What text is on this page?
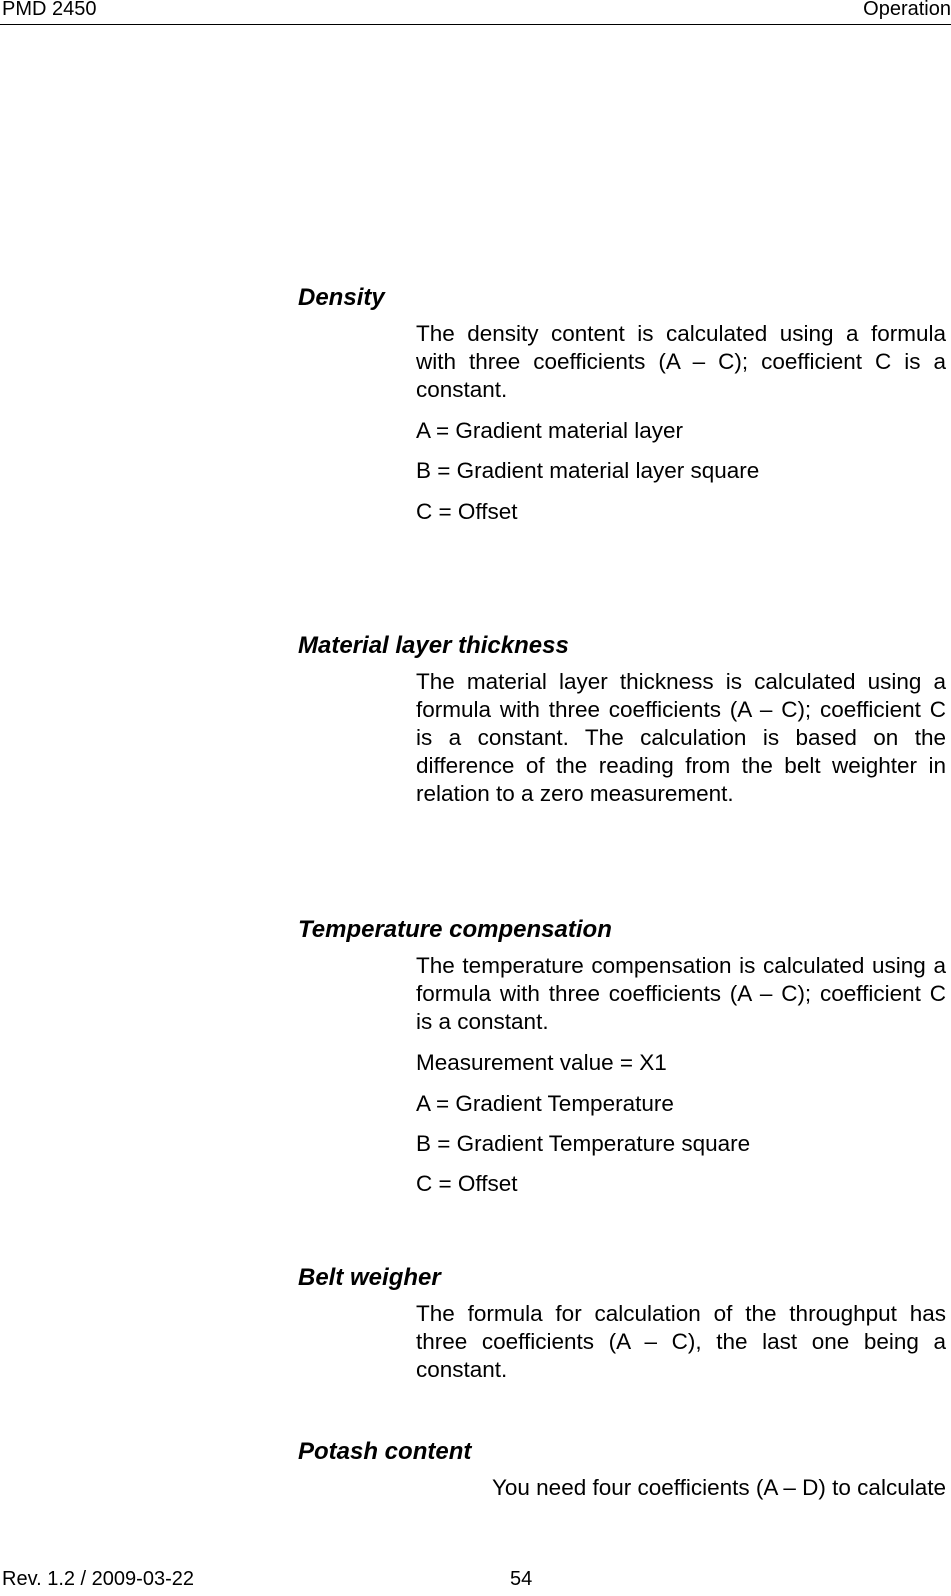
PMD 2450	Operation
Density

The density content is calculated using a formula with three coefficients (A – C); coefficient C is a constant.

A = Gradient material layer

B = Gradient material layer square

C = Offset

Material layer thickness

The material layer thickness is calculated using a formula with three coefficients (A – C); coefficient C is a constant. The calculation is based on the difference of the reading from the belt weighter in relation to a zero measurement.

Temperature compensation

The temperature compensation is calculated using a formula with three coefficients (A – C); coefficient C is a constant.

Measurement value = X1

A = Gradient Temperature

B = Gradient Temperature square

C = Offset

Belt weigher

The formula for calculation of the throughput has three coefficients (A – C), the last one being a constant.

Potash content

You need four coefficients (A – D) to calculate

Rev. 1.2 / 2009-03-22	54
